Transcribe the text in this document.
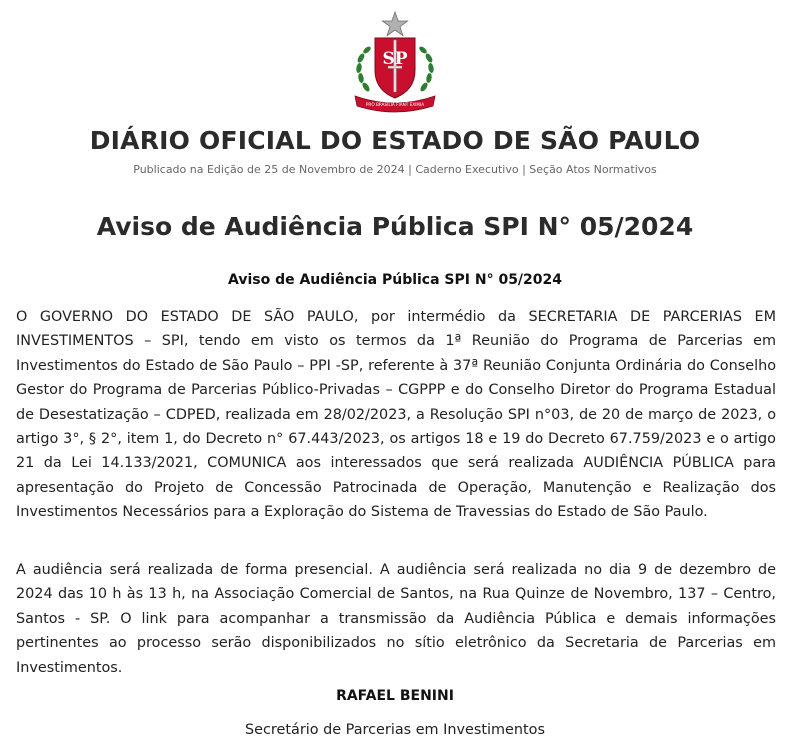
SP
PRO BRASILIA FIANT EXIMIA
DIÁRIO OFICIAL DO ESTADO DE SÃO PAULO
Publicado na Edição de 25 de Novembro de 2024 | Caderno Executivo | Seção Atos Normativos
Aviso de Audiência Pública SPI N° 05/2024
Aviso de Audiência Pública SPI N° 05/2024

O GOVERNO DO ESTADO DE SÃO PAULO, por intermédio da SECRETARIA DE PARCERIAS EM INVESTIMENTOS – SPI, tendo em visto os termos da 1ª Reunião do Programa de Parcerias em Investimentos do Estado de São Paulo – PPI -SP, referente à 37ª Reunião Conjunta Ordinária do Conselho Gestor do Programa de Parcerias Público-Privadas – CGPPP e do Conselho Diretor do Programa Estadual de Desestatização – CDPED, realizada em 28/02/2023, a Resolução SPI n°03, de 20 de março de 2023, o artigo 3°, § 2°, item 1, do Decreto n° 67.443/2023, os artigos 18 e 19 do Decreto 67.759/2023 e o artigo 21 da Lei 14.133/2021, COMUNICA aos interessados que será realizada AUDIÊNCIA PÚBLICA para apresentação do Projeto de Concessão Patrocinada de Operação, Manutenção e Realização dos Investimentos Necessários para a Exploração do Sistema de Travessias do Estado de São Paulo.

A audiência será realizada de forma presencial. A audiência será realizada no dia 9 de dezembro de 2024 das 10 h às 13 h, na Associação Comercial de Santos, na Rua Quinze de Novembro, 137 – Centro, Santos - SP. O link para acompanhar a transmissão da Audiência Pública e demais informações pertinentes ao processo serão disponibilizados no sítio eletrônico da Secretaria de Parcerias em Investimentos.

RAFAEL BENINI
Secretário de Parcerias em Investimentos
